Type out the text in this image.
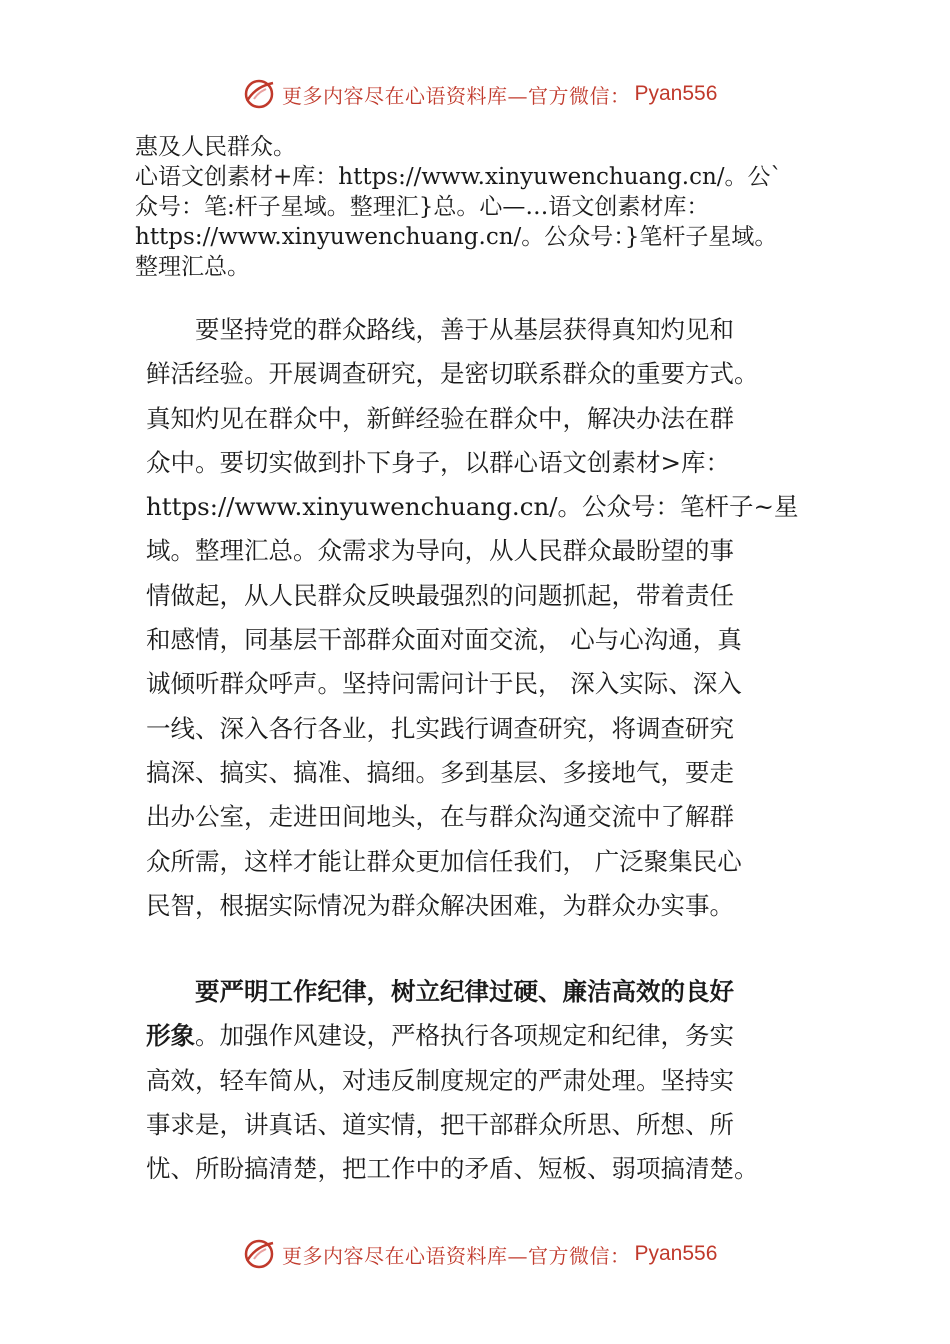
更多内容尽在心语资料库—官方微信： Pyan556

惠及人民群众。

心语文创素材+库：https://www.xinyuwenchuang.cn/。公`

众号：笔:杆子星域。整理汇}总。心—…语文创素材库：

https://www.xinyuwenchuang.cn/。公众号：}笔杆子星域。

整理汇总。

　　要坚持党的群众路线，善于从基层获得真知灼见和

鲜活经验。开展调查研究，是密切联系群众的重要方式。

真知灼见在群众中，新鲜经验在群众中，解决办法在群

众中。要切实做到扑下身子，以群心语文创素材>库：

https://www.xinyuwenchuang.cn/。公众号：笔杆子~星

域。整理汇总。众需求为导向，从人民群众最盼望的事

情做起，从人民群众反映最强烈的问题抓起，带着责任

和感情，同基层干部群众面对面交流， 心与心沟通，真

诚倾听群众呼声。坚持问需问计于民， 深入实际、深入

一线、深入各行各业，扎实践行调查研究，将调查研究

搞深、搞实、搞准、搞细。多到基层、多接地气，要走

出办公室，走进田间地头，在与群众沟通交流中了解群

众所需，这样才能让群众更加信任我们， 广泛聚集民心

民智，根据实际情况为群众解决困难，为群众办实事。

　　要严明工作纪律，树立纪律过硬、廉洁高效的良好

形象。加强作风建设，严格执行各项规定和纪律，务实

高效，轻车简从，对违反制度规定的严肃处理。坚持实

事求是，讲真话、道实情，把干部群众所思、所想、所

忧、所盼搞清楚，把工作中的矛盾、短板、弱项搞清楚。

更多内容尽在心语资料库—官方微信： Pyan556
